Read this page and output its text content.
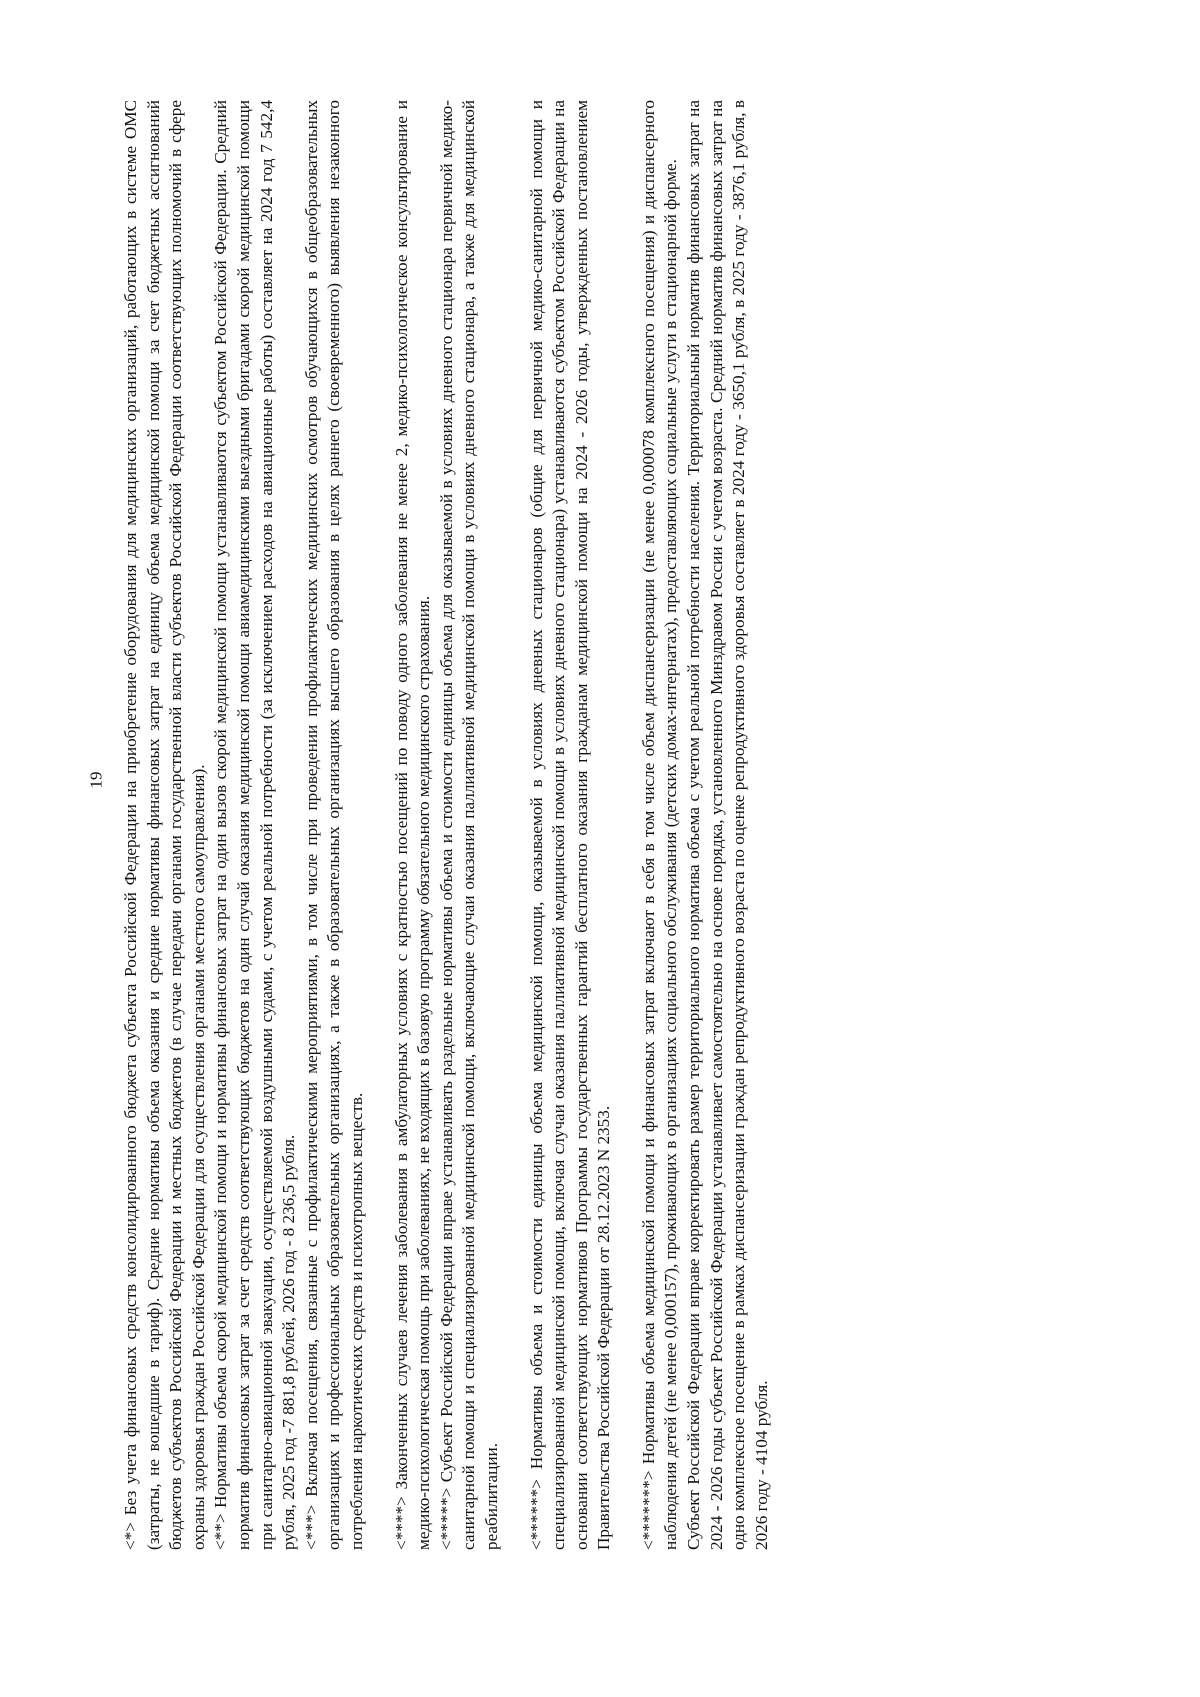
19

<*> Без учета финансовых средств консолидированного бюджета субъекта Российской Федерации на приобретение оборудования для медицинских организаций, работающих в системе ОМС (затраты, не вошедшие в тариф). Средние нормативы объема оказания и средние нормативы финансовых затрат на единицу объема медицинской помощи за счет бюджетных ассигнований бюджетов субъектов Российской Федерации и местных бюджетов (в случае передачи органами государственной власти субъектов Российской Федерации соответствующих полномочий в сфере охраны здоровья граждан Российской Федерации для осуществления органами местного самоуправления). <**> Нормативы объема скорой медицинской помощи и нормативы финансовых затрат на один вызов скорой медицинской помощи устанавливаются субъектом Российской Федерации. Средний норматив финансовых затрат за счет средств соответствующих бюджетов на один случай оказания медицинской помощи авиамедицинскими выездными бригадами скорой медицинской помощи при санитарно-авиационной эвакуации, осуществляемой воздушными судами, с учетом реальной потребности (за исключением расходов на авиационные работы) составляет на 2024 год 7 542,4 рубля, 2025 год -7 881,8 рублей, 2026 год - 8 236,5 рубля. <***> Включая посещения, связанные с профилактическими мероприятиями, в том числе при проведении профилактических медицинских осмотров обучающихся в общеобразовательных организациях и профессиональных образовательных организациях, а также в образовательных организациях высшего образования в целях раннего (своевременного) выявления незаконного потребления наркотических средств и психотропных веществ. <****> Законченных случаев лечения заболевания в амбулаторных условиях с кратностью посещений по поводу одного заболевания не менее 2, медико-психологическое консультирование и медико-психологическая помощь при заболеваниях, не входящих в базовую программу обязательного медицинского страхования. <*****> Субъект Российской Федерации вправе устанавливать раздельные нормативы объема и стоимости единицы объема для оказываемой в условиях дневного стационара первичной медико-санитарной помощи и специализированной медицинской помощи, включающие случаи оказания паллиативной медицинской помощи в условиях дневного стационара, а также для медицинской реабилитации. <******> Нормативы объема и стоимости единицы объема медицинской помощи, оказываемой в условиях дневных стационаров (общие для первичной медико-санитарной помощи и специализированной медицинской помощи, включая случаи оказания паллиативной медицинской помощи в условиях дневного стационара) устанавливаются субъектом Российской Федерации на основании соответствующих нормативов Программы государственных гарантий бесплатного оказания гражданам медицинской помощи на 2024 - 2026 годы, утвержденных постановлением Правительства Российской Федерации от 28.12.2023 N 2353. <*******> Нормативы объема медицинской помощи и финансовых затрат включают в себя в том числе объем диспансеризации (не менее 0,000078 комплексного посещения) и диспансерного наблюдения детей (не менее 0,000157), проживающих в организациях социального обслуживания (детских домах-интернатах), предоставляющих социальные услуги в стационарной форме. Субъект Российской Федерации вправе корректировать размер территориального норматива объема с учетом реальной потребности населения. Территориальный норматив финансовых затрат на 2024 - 2026 годы субъект Российской Федерации устанавливает самостоятельно на основе порядка, установленного Минздравом России с учетом возраста. Средний норматив финансовых затрат на одно комплексное посещение в рамках диспансеризации граждан репродуктивного возраста по оценке репродуктивного здоровья составляет в 2024 году - 3650,1 рубля, в 2025 году - 3876,1 рубля, в 2026 году - 4104 рубля.
